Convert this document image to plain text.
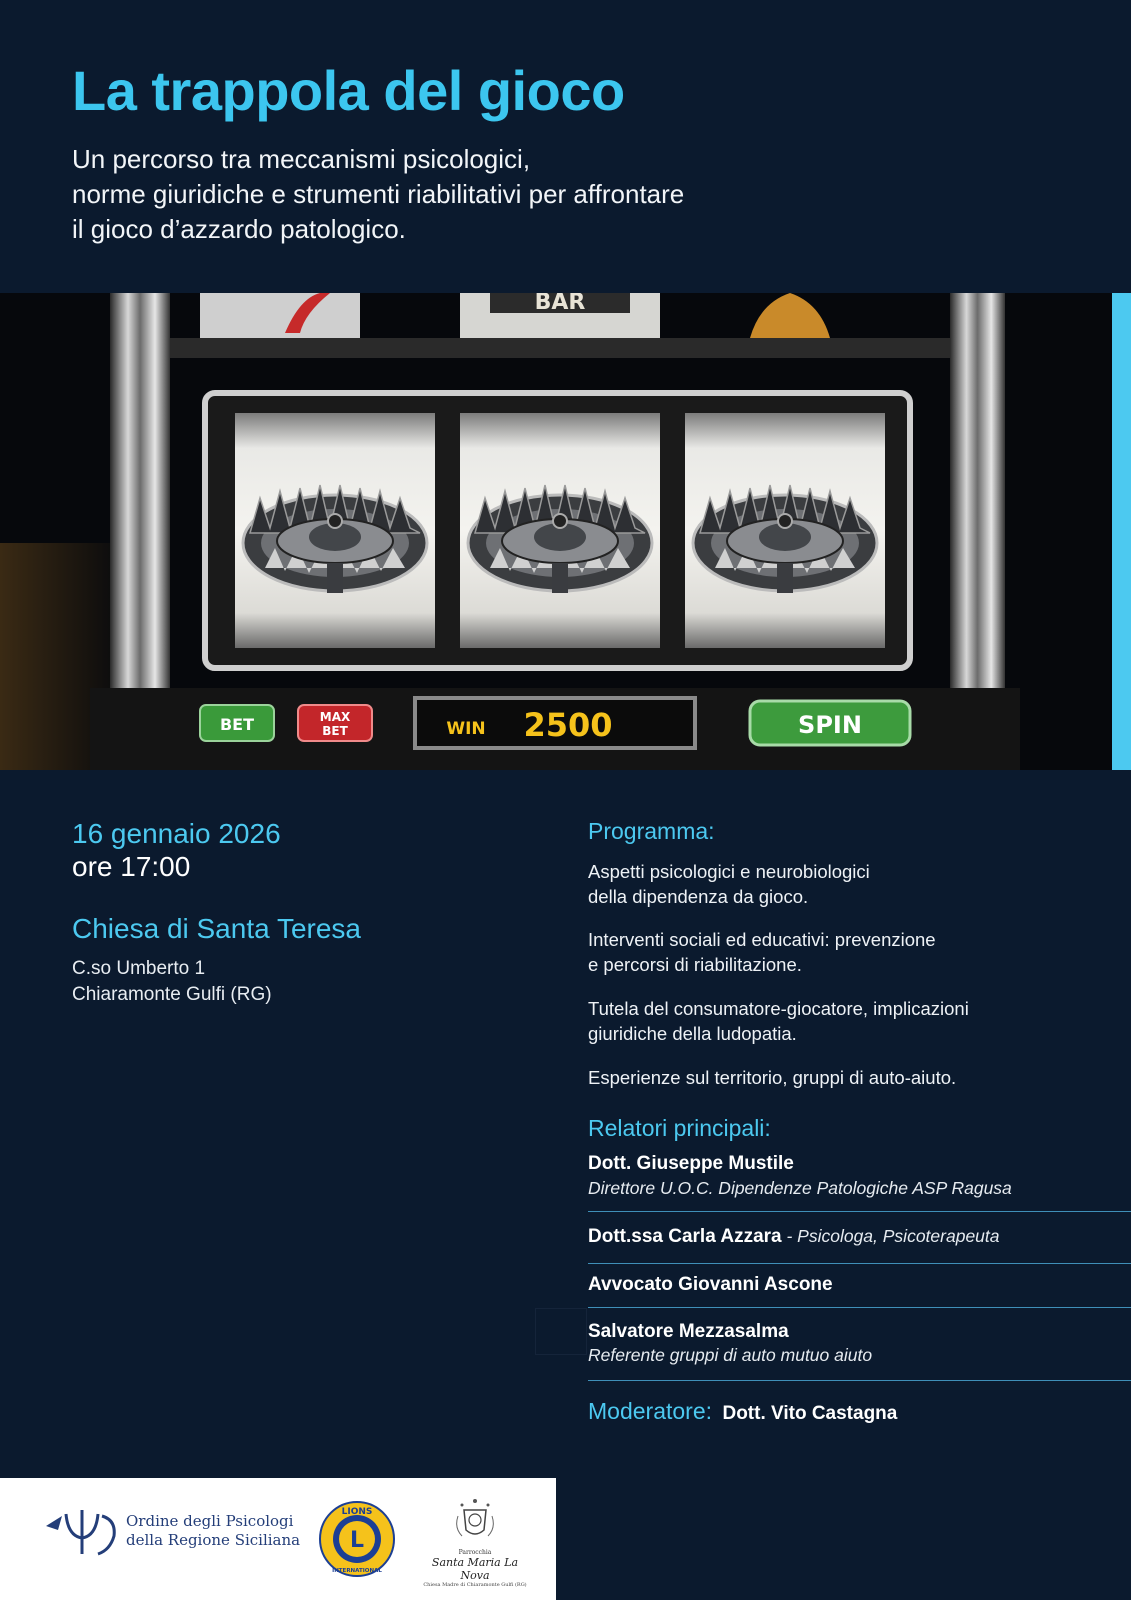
La trappola del gioco
Un percorso tra meccanismi psicologici,
norme giuridiche e strumenti riabilitativi per affrontare
il gioco d’azzardo patologico.
BAR
BET	MAX
BET	WIN 2500	SPIN
16 gennaio 2026
ore 17:00
Chiesa di Santa Teresa
C.so Umberto 1
Chiaramonte Gulfi (RG)
Programma:
Aspetti psicologici e neurobiologici
della dipendenza da gioco.
Interventi sociali ed educativi: prevenzione
e percorsi di riabilitazione.
Tutela del consumatore-giocatore, implicazioni
giuridiche della ludopatia.
Esperienze sul territorio, gruppi di auto-aiuto.
Relatori principali:
Dott. Giuseppe Mustile
Direttore U.O.C. Dipendenze Patologiche ASP Ragusa
Dott.ssa Carla Azzara - Psicologa, Psicoterapeuta
Avvocato Giovanni Ascone
Salvatore Mezzasalma
Referente gruppi di auto mutuo aiuto
Moderatore: Dott. Vito Castagna
Ordine degli Psicologi
della Regione Siciliana
LIONS
L
INTERNATIONAL
Parrocchia
Santa Maria La Nova
Chiesa Madre di Chiaramonte Gulfi (RG)
